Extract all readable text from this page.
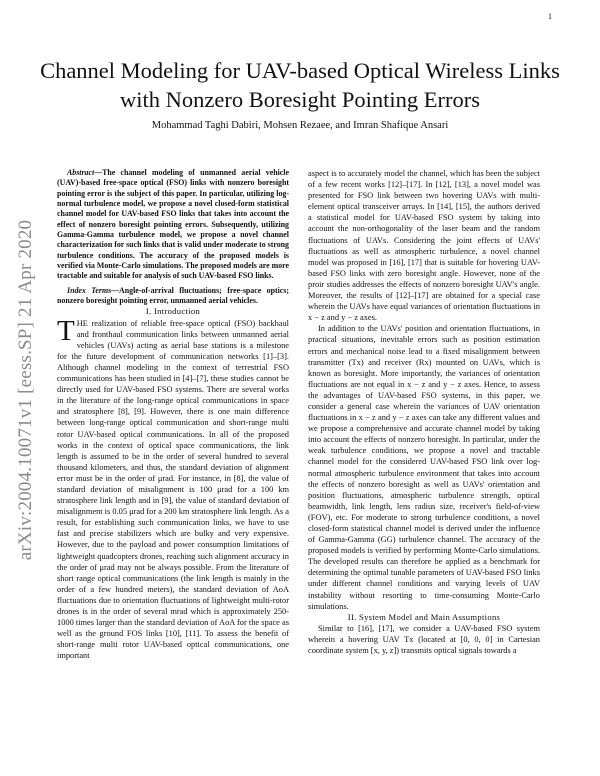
1
arXiv:2004.10071v1 [eess.SP] 21 Apr 2020
Channel Modeling for UAV-based Optical Wireless Links with Nonzero Boresight Pointing Errors
Mohammad Taghi Dabiri, Mohsen Rezaee, and Imran Shafique Ansari

Abstract—The channel modeling of unmanned aerial vehicle (UAV)-based free-space optical (FSO) links with nonzero boresight pointing error is the subject of this paper. In particular, utilizing log-normal turbulence model, we propose a novel closed-form statistical channel model for UAV-based FSO links that takes into account the effect of nonzero boresight pointing errors. Subsequently, utilizing Gamma-Gamma turbulence model, we propose a novel channel characterization for such links that is valid under moderate to strong turbulence conditions. The accuracy of the proposed models is verified via Monte-Carlo simulations. The proposed models are more tractable and suitable for analysis of such UAV-based FSO links.

Index Terms—Angle-of-arrival fluctuations; free-space optics; nonzero boresight pointing error, unmanned aerial vehicles.

I. Introduction

THE realization of reliable free-space optical (FSO) backhaul and fronthaul communication links between unmanned aerial vehicles (UAVs) acting as aerial base stations is a milestone for the future development of communication networks [1]–[3]. Although channel modeling in the context of terrestrial FSO communications has been studied in [4]–[7], these studies cannot be directly used for UAV-based FSO systems. There are several works in the literature of the long-range optical communications in space and stratosphere [8], [9]. However, there is one main difference between long-range optical communication and short-range multi rotor UAV-based optical communications. In all of the proposed works in the context of optical space communications, the link length is assumed to be in the order of several hundred to several thousand kilometers, and thus, the standard deviation of alignment error must be in the order of μrad. For instance, in [8], the value of standard deviation of misalignment is 100 μrad for a 100 km stratosphere link length and in [9], the value of standard deviation of misalignment is 0.05 μrad for a 200 km stratosphere link length. As a result, for establishing such communication links, we have to use fast and precise stabilizers which are bulky and very expensive. However, due to the payload and power consumption limitations of lightweight quadcopters drones, reaching such alignment accuracy in the order of μrad may not be always possible. From the literature of short range optical communications (the link length is mainly in the order of a few hundred meters), the standard deviation of AoA fluctuations due to orientation fluctuations of lightweight multi-rotor drones is in the order of several mrad which is approximately 250-1000 times larger than the standard deviation of AoA for the space as well as the ground FOS links [10], [11]. To assess the benefit of short-range multi rotor UAV-based optical communications, one important

aspect is to accurately model the channel, which has been the subject of a few recent works [12]–[17]. In [12], [13], a novel model was presented for FSO link between two hovering UAVs with multi-element optical transceiver arrays. In [14], [15], the authors derived a statistical model for UAV-based FSO system by taking into account the non-orthogonality of the laser beam and the random fluctuations of UAVs. Considering the joint effects of UAVs' fluctuations as well as atmospheric turbulence, a novel channel model was proposed in [16], [17] that is suitable for hovering UAV-based FSO links with zero boresight angle. However, none of the proir studies addresses the effects of nonzero boresight UAV's angle. Moreover, the results of [12]–[17] are obtained for a special case wherein the UAVs have equal variances of orientation fluctuations in x − z and y − z axes.

In addition to the UAVs' position and orientation fluctuations, in practical situations, inevitable errors such as position estimation errors and mechanical noise lead to a fixed misalignment between transmitter (Tx) and receiver (Rx) mounted on UAVs, which is known as boresight. More importantly, the variances of orientation fluctuations are not equal in x − z and y − z axes. Hence, to assess the advantages of UAV-based FSO systems, in this paper, we consider a general case wherein the variances of UAV orientation fluctuations in x − z and y − z axes can take any different values and we propose a comprehensive and accurate channel model by taking into account the effects of nonzero boresight. In particular, under the weak turbulence conditions, we propose a novel and tractable channel model for the considered UAV-based FSO link over log-normal atmospheric turbulence environment that takes into account the effects of nonzero boresight as well as UAVs' orientation and position fluctuations, atmospheric turbulence strength, optical beamwidth, link length, lens radius size, receiver's field-of-view (FOV), etc. For moderate to strong turbulence conditions, a novel closed-form statistical channel model is derived under the influence of Gamma-Gamma (GG) turbulence channel. The accuracy of the proposed models is verified by performing Monte-Carlo simulations. The developed results can therefore be applied as a benchmark for determining the optimal tunable parameters of UAV-based FSO links under different channel conditions and varying levels of UAV instability without resorting to time-consuming Monte-Carlo simulations.

II. System Model and Main Assumptions

Similar to [16], [17], we consider a UAV-based FSO system wherein a hovering UAV Tx (located at [0, 0, 0] in Cartesian coordinate system [x, y, z]) transmits optical signals towards a
